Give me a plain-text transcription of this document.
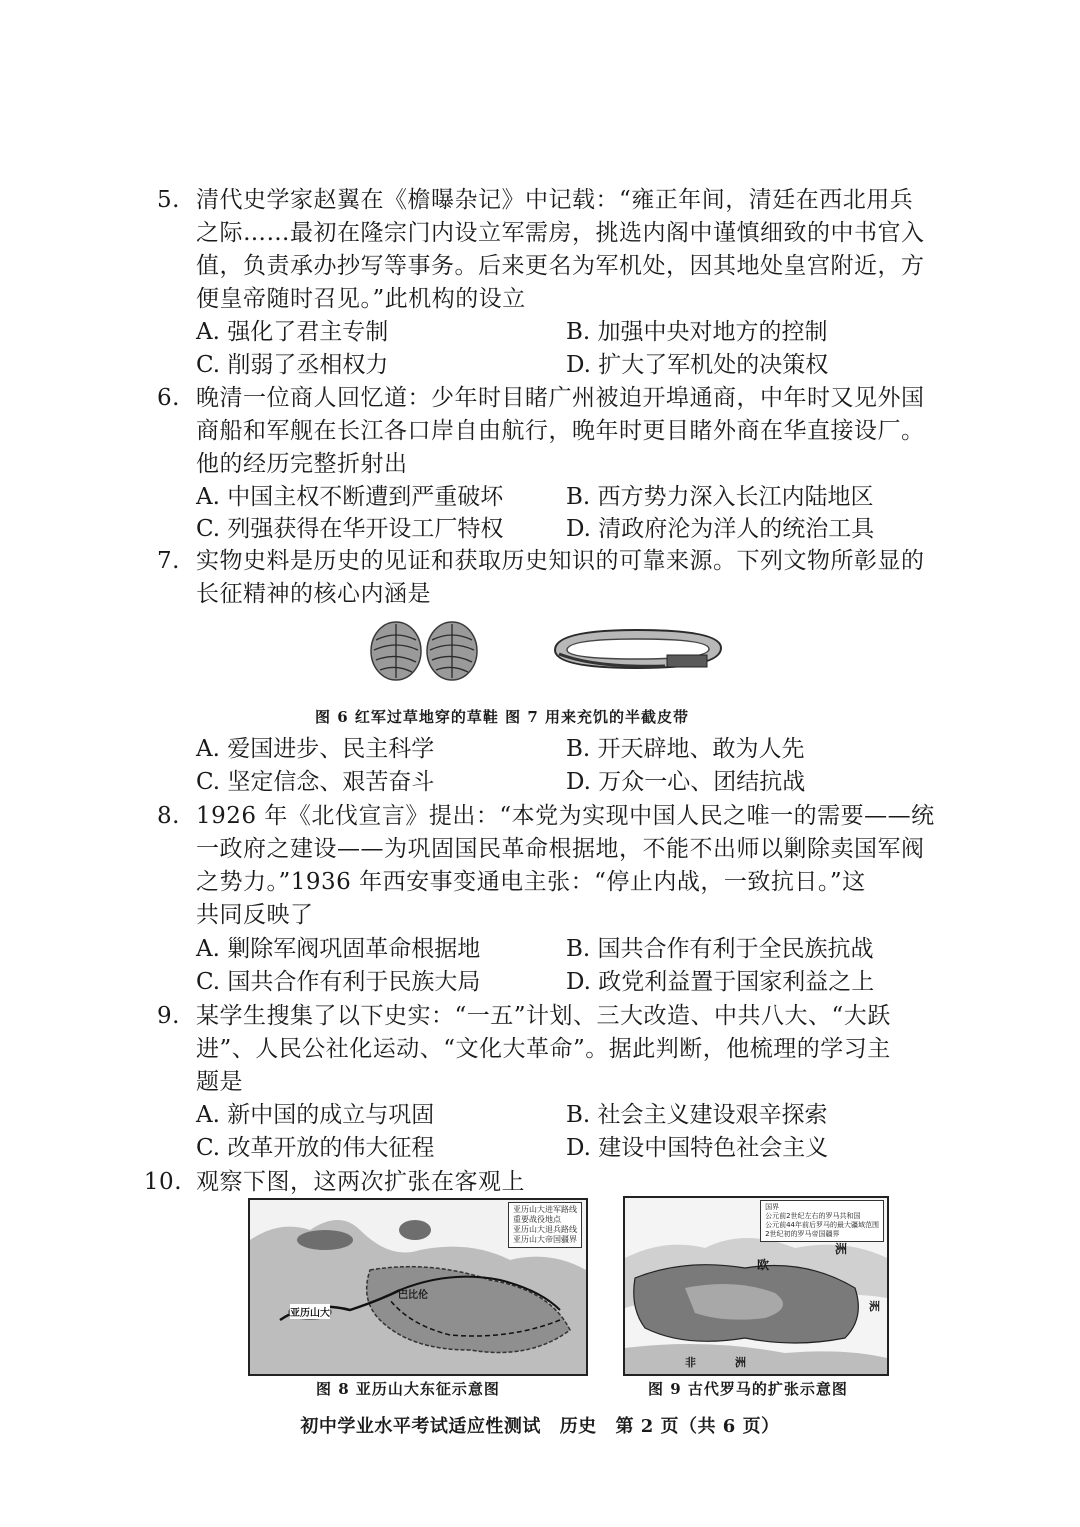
5. 清代史学家赵翼在《檐曝杂记》中记载：“雍正年间，清廷在西北用兵
之际……最初在隆宗门内设立军需房，挑选内阁中谨慎细致的中书官入
值，负责承办抄写等事务。后来更名为军机处，因其地处皇宫附近，方
便皇帝随时召见。”此机构的设立
A. 强化了君主专制	B. 加强中央对地方的控制
C. 削弱了丞相权力	D. 扩大了军机处的决策权
6. 晚清一位商人回忆道：少年时目睹广州被迫开埠通商，中年时又见外国
商船和军舰在长江各口岸自由航行，晚年时更目睹外商在华直接设厂。
他的经历完整折射出
A. 中国主权不断遭到严重破坏	B. 西方势力深入长江内陆地区
C. 列强获得在华开设工厂特权	D. 清政府沦为洋人的统治工具
7. 实物史料是历史的见证和获取历史知识的可靠来源。下列文物所彰显的
长征精神的核心内涵是
图 6 红军过草地穿的草鞋 图 7 用来充饥的半截皮带
A. 爱国进步、民主科学	B. 开天辟地、敢为人先
C. 坚定信念、艰苦奋斗	D. 万众一心、团结抗战
8. 1926 年《北伐宣言》提出：“本党为实现中国人民之唯一的需要——统
一政府之建设——为巩固国民革命根据地，不能不出师以剿除卖国军阀
之势力。”1936 年西安事变通电主张：“停止内战，一致抗日。”这
共同反映了
A. 剿除军阀巩固革命根据地	B. 国共合作有利于全民族抗战
C. 国共合作有利于民族大局	D. 政党利益置于国家利益之上
9. 某学生搜集了以下史实：“一五”计划、三大改造、中共八大、“大跃
进”、人民公社化运动、“文化大革命”。据此判断，他梳理的学习主
题是
A. 新中国的成立与巩固	B. 社会主义建设艰辛探索
C. 改革开放的伟大征程	D. 建设中国特色社会主义
10. 观察下图，这两次扩张在客观上
亚历山大进军路线
重要战役地点
亚历山大退兵路线
亚历山大帝国疆界
巴比伦
亚历山大
图 8 亚历山大东征示意图
国界
公元前2世纪左右的罗马共和国
公元前44年前后罗马的最大疆域范围
2世纪初的罗马帝国疆界
欧
洲
非	洲
洲
图 9 古代罗马的扩张示意图
初中学业水平考试适应性测试 历史 第 2 页（共 6 页）
